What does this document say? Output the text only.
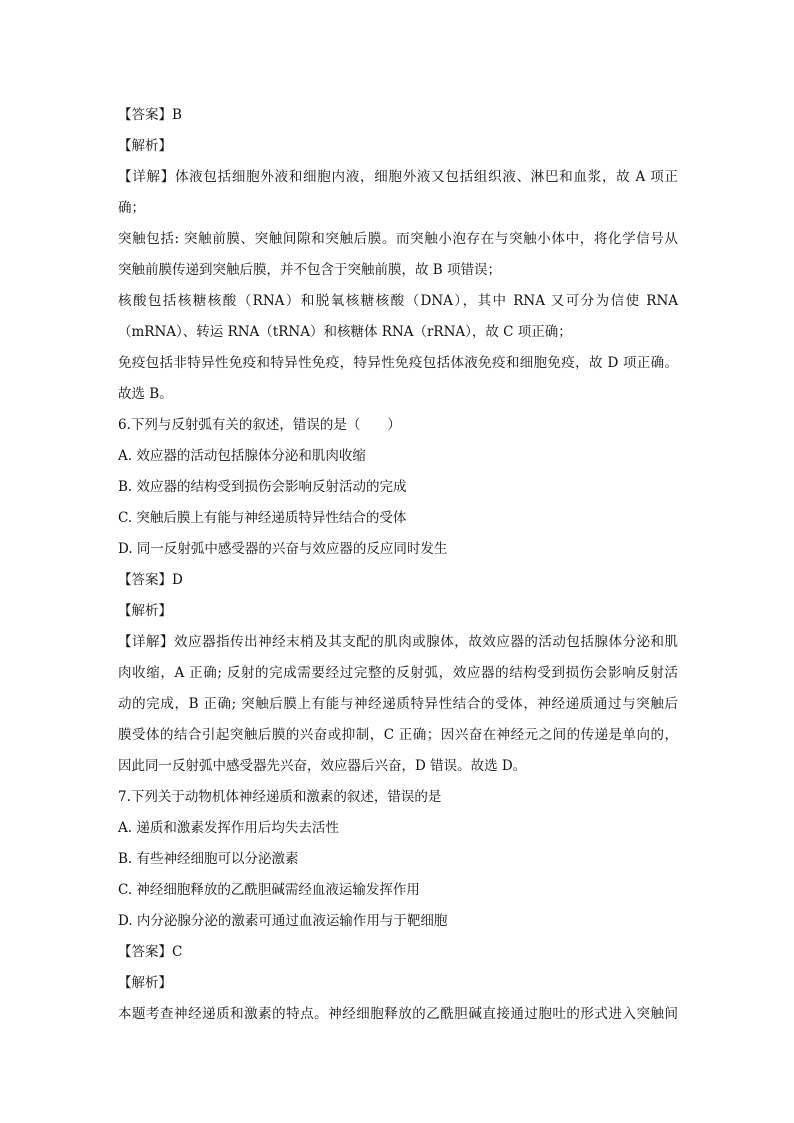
【答案】B

【解析】

【详解】体液包括细胞外液和细胞内液，细胞外液又包括组织液、淋巴和血浆，故 A 项正

确；

突触包括: 突触前膜、突触间隙和突触后膜。而突触小泡存在与突触小体中，将化学信号从

突触前膜传递到突触后膜，并不包含于突触前膜，故 B 项错误；

核酸包括核糖核酸（RNA）和脱氧核糖核酸（DNA），其中 RNA 又可分为信使 RNA

（mRNA）、转运 RNA（tRNA）和核糖体 RNA（rRNA），故 C 项正确；

免疫包括非特异性免疫和特异性免疫，特异性免疫包括体液免疫和细胞免疫，故 D 项正确。

故选 B。

6.下列与反射弧有关的叙述，错误的是（　　）

A. 效应器的活动包括腺体分泌和肌肉收缩

B. 效应器的结构受到损伤会影响反射活动的完成

C. 突触后膜上有能与神经递质特异性结合的受体

D. 同一反射弧中感受器的兴奋与效应器的反应同时发生

【答案】D

【解析】

【详解】效应器指传出神经末梢及其支配的肌肉或腺体，故效应器的活动包括腺体分泌和肌

肉收缩，A 正确; 反射的完成需要经过完整的反射弧，效应器的结构受到损伤会影响反射活

动的完成，B 正确; 突触后膜上有能与神经递质特异性结合的受体，神经递质通过与突触后

膜受体的结合引起突触后膜的兴奋或抑制，C 正确；因兴奋在神经元之间的传递是单向的，

因此同一反射弧中感受器先兴奋，效应器后兴奋，D 错误。故选 D。

7.下列关于动物机体神经递质和激素的叙述，错误的是

A. 递质和激素发挥作用后均失去活性

B. 有些神经细胞可以分泌激素

C. 神经细胞释放的乙酰胆碱需经血液运输发挥作用

D. 内分泌腺分泌的激素可通过血液运输作用与于靶细胞

【答案】C

【解析】

本题考查神经递质和激素的特点。神经细胞释放的乙酰胆碱直接通过胞吐的形式进入突触间
